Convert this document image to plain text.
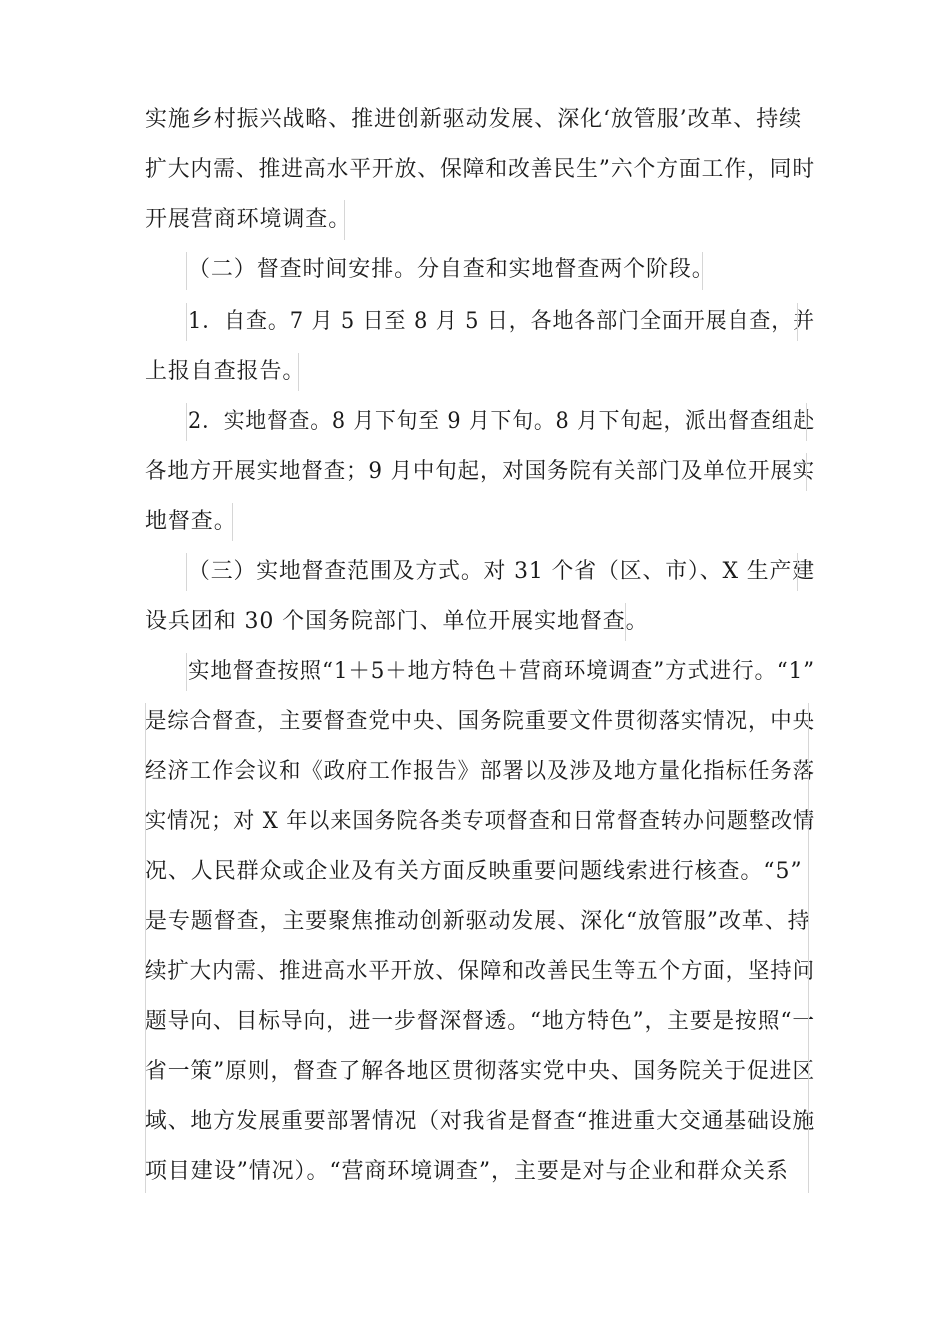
实施乡村振兴战略、推进创新驱动发展、深化‘放管服’改革、持续
扩大内需、推进高水平开放、保障和改善民生”六个方面工作，同时
开展营商环境调查。
（二）督查时间安排。分自查和实地督查两个阶段。
1．自查。7 月 5 日至 8 月 5 日，各地各部门全面开展自查，并
上报自查报告。
2．实地督查。8 月下旬至 9 月下旬。8 月下旬起，派出督查组赴
各地方开展实地督查；9 月中旬起，对国务院有关部门及单位开展实
地督查。
（三）实地督查范围及方式。对 31 个省（区、市）、X 生产建
设兵团和 30 个国务院部门、单位开展实地督查。
实地督查按照“1＋5＋地方特色＋营商环境调查”方式进行。“1”
是综合督查，主要督查党中央、国务院重要文件贯彻落实情况，中央
经济工作会议和《政府工作报告》部署以及涉及地方量化指标任务落
实情况；对 X 年以来国务院各类专项督查和日常督查转办问题整改情
况、人民群众或企业及有关方面反映重要问题线索进行核查。“5”
是专题督查，主要聚焦推动创新驱动发展、深化“放管服”改革、持
续扩大内需、推进高水平开放、保障和改善民生等五个方面，坚持问
题导向、目标导向，进一步督深督透。“地方特色”，主要是按照“一
省一策”原则，督查了解各地区贯彻落实党中央、国务院关于促进区
域、地方发展重要部署情况（对我省是督查“推进重大交通基础设施
项目建设”情况）。“营商环境调查”，主要是对与企业和群众关系
